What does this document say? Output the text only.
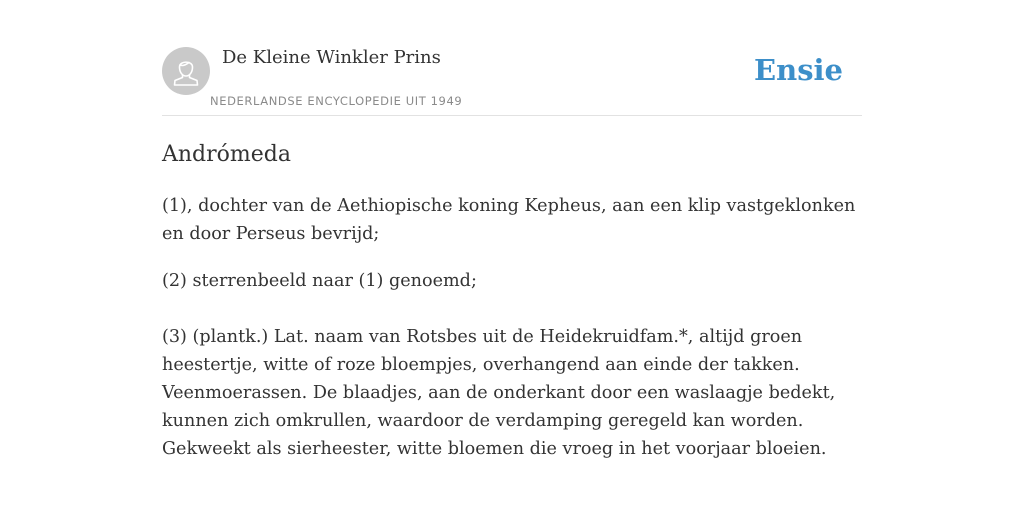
De Kleine Winkler Prins
NEDERLANDSE ENCYCLOPEDIE UIT 1949
Ensie
Andrómeda

(1), dochter van de Aethiopische koning Kepheus, aan een klip vastgeklonken en door Perseus bevrijd;

(2) sterrenbeeld naar (1) genoemd;

(3) (plantk.) Lat. naam van Rotsbes uit de Heidekruidfam.*, altijd groen heestertje, witte of roze bloempjes, overhangend aan einde der takken. Veenmoerassen. De blaadjes, aan de onderkant door een waslaagje bedekt, kunnen zich omkrullen, waardoor de verdamping geregeld kan worden. Gekweekt als sierheester, witte bloemen die vroeg in het voorjaar bloeien.
